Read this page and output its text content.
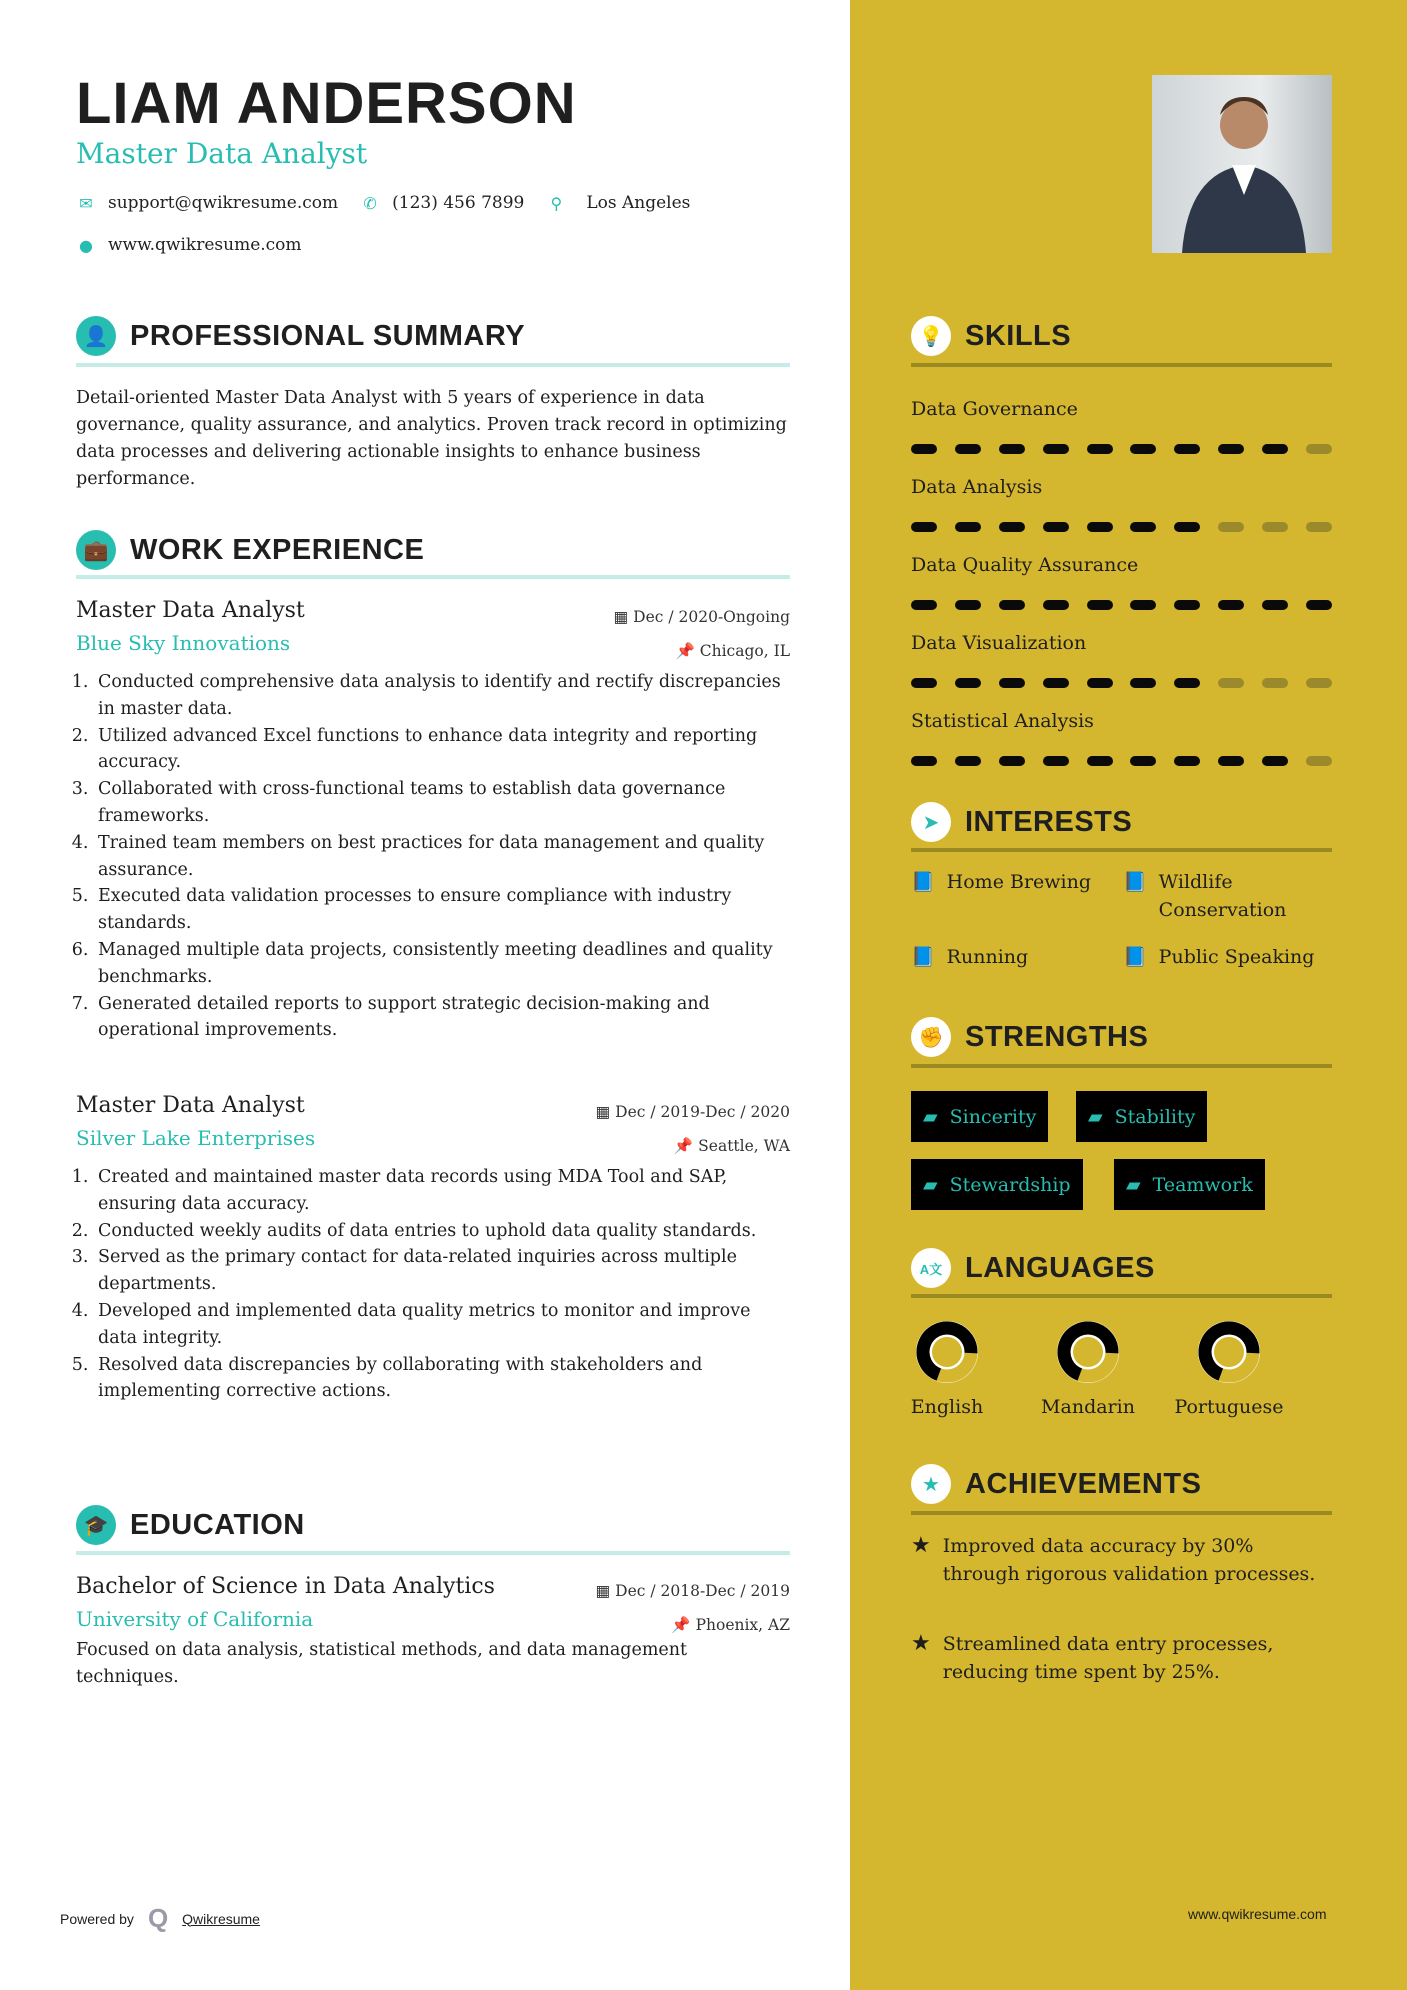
LIAM ANDERSON
Master Data Analyst
✉ support@qwikresume.com ✆ (123) 456 7899 ⚲ Los Angeles
● www.qwikresume.com
👤 PROFESSIONAL SUMMARY
Detail-oriented Master Data Analyst with 5 years of experience in data governance, quality assurance, and analytics. Proven track record in optimizing data processes and delivering actionable insights to enhance business performance.
💼 WORK EXPERIENCE
Master Data Analyst
Blue Sky Innovations
▦ Dec / 2020-Ongoing
📌 Chicago, IL
1. Conducted comprehensive data analysis to identify and rectify discrepancies in master data.
2. Utilized advanced Excel functions to enhance data integrity and reporting accuracy.
3. Collaborated with cross-functional teams to establish data governance frameworks.
4. Trained team members on best practices for data management and quality assurance.
5. Executed data validation processes to ensure compliance with industry standards.
6. Managed multiple data projects, consistently meeting deadlines and quality benchmarks.
7. Generated detailed reports to support strategic decision-making and operational improvements.
Master Data Analyst
Silver Lake Enterprises
▦ Dec / 2019-Dec / 2020
📌 Seattle, WA
1. Created and maintained master data records using MDA Tool and SAP, ensuring data accuracy.
2. Conducted weekly audits of data entries to uphold data quality standards.
3. Served as the primary contact for data-related inquiries across multiple departments.
4. Developed and implemented data quality metrics to monitor and improve data integrity.
5. Resolved data discrepancies by collaborating with stakeholders and implementing corrective actions.
🎓 EDUCATION
Bachelor of Science in Data Analytics
University of California
▦ Dec / 2018-Dec / 2019
📌 Phoenix, AZ
Focused on data analysis, statistical methods, and data management techniques.
💡 SKILLS
Data Governance
Data Analysis
Data Quality Assurance
Data Visualization
Statistical Analysis
➤ INTERESTS
📘 Home Brewing 📘 Wildlife Conservation
📘 Running	📘 Public Speaking
✊ STRENGTHS
▰ Sincerity	▰ Stability
▰ Stewardship	▰ Teamwork
A文 LANGUAGES
English	Mandarin	Portuguese
★ ACHIEVEMENTS
★ Improved data accuracy by 30% through rigorous validation processes.
★ Streamlined data entry processes, reducing time spent by 25%.
Powered by Q Qwikresume	www.qwikresume.com
